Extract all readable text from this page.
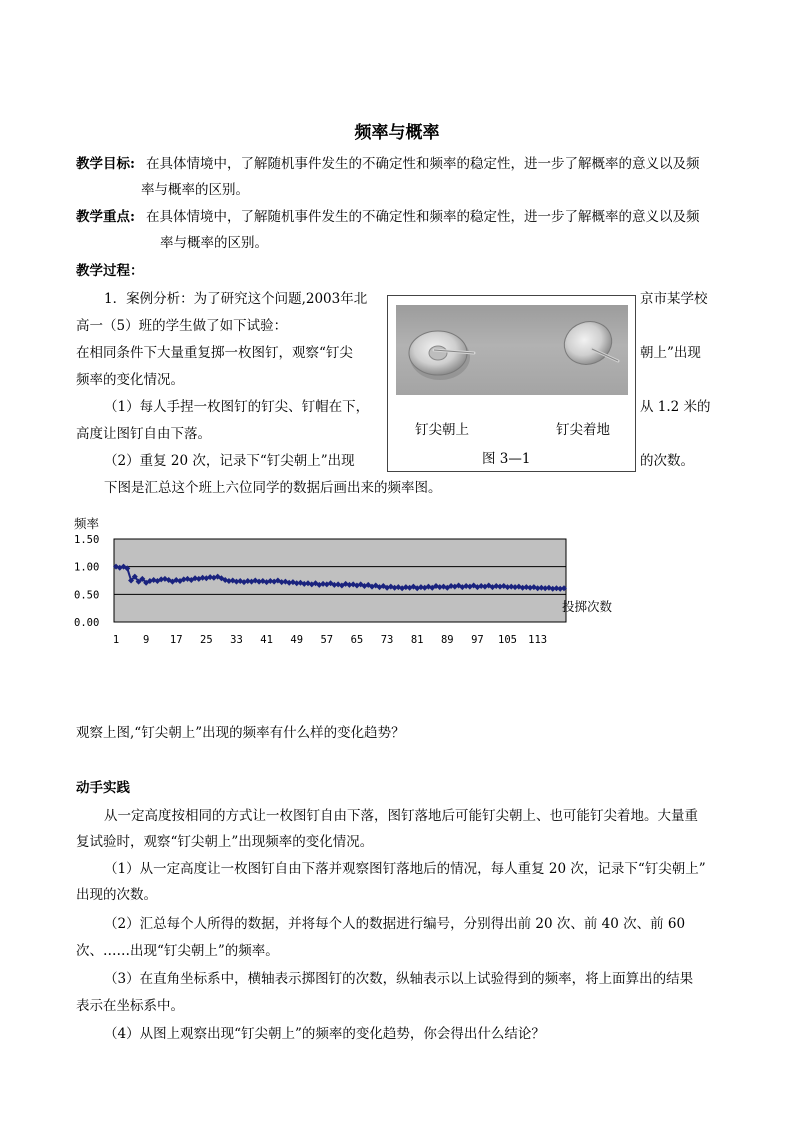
频率与概率
教学目标: 在具体情境中，了解随机事件发生的不确定性和频率的稳定性，进一步了解概率的意义以及频
率与概率的区别。
教学重点: 在具体情境中，了解随机事件发生的不确定性和频率的稳定性，进一步了解概率的意义以及频
率与概率的区别。
教学过程：
1．案例分析：为了研究这个问题,2003年北	京市某学校
高一（5）班的学生做了如下试验：
在相同条件下大量重复掷一枚图钉，观察“钉尖	朝上”出现
频率的变化情况。
（1）每人手捏一枚图钉的钉尖、钉帽在下，	从 1.2 米的
高度让图钉自由下落。
（2）重复 20 次，记录下“钉尖朝上”出现	的次数。
下图是汇总这个班上六位同学的数据后画出来的频率图。
钉尖朝上	钉尖着地
图 3—1
频率
1.50
1.00
0.50
0.00
1 9 17 25 33 41 49 57 65 73 81 89 97 105 113
投掷次数
观察上图,“钉尖朝上”出现的频率有什么样的变化趋势？
动手实践
从一定高度按相同的方式让一枚图钉自由下落，图钉落地后可能钉尖朝上、也可能钉尖着地。大量重
复试验时，观察“钉尖朝上”出现频率的变化情况。
（1）从一定高度让一枚图钉自由下落并观察图钉落地后的情况，每人重复 20 次，记录下“钉尖朝上”
出现的次数。
（2）汇总每个人所得的数据，并将每个人的数据进行编号，分别得出前 20 次、前 40 次、前 60
次、……出现“钉尖朝上”的频率。
（3）在直角坐标系中，横轴表示掷图钉的次数，纵轴表示以上试验得到的频率，将上面算出的结果
表示在坐标系中。
（4）从图上观察出现“钉尖朝上”的频率的变化趋势，你会得出什么结论？
